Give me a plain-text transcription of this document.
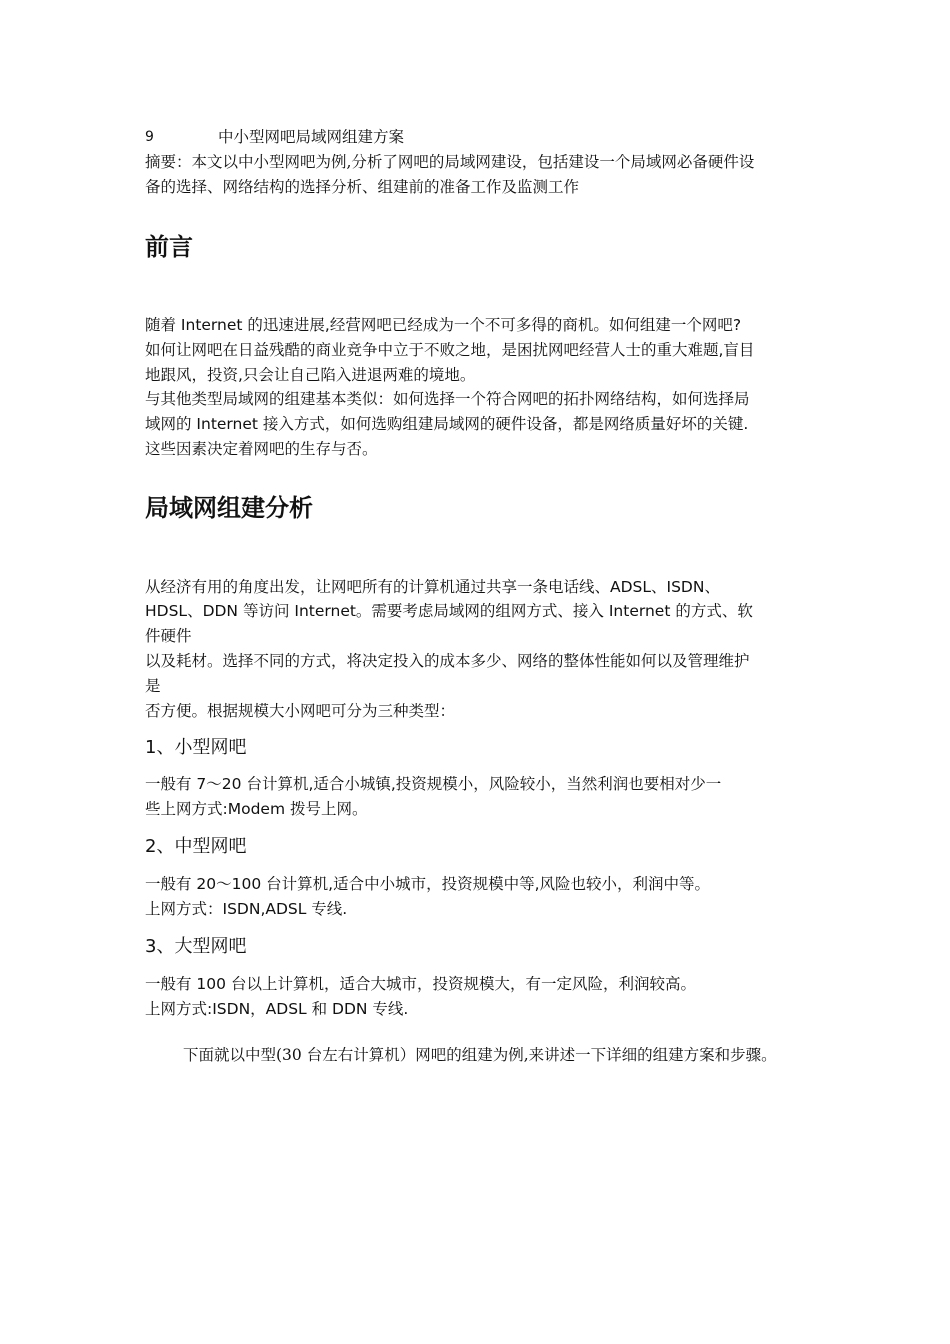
9	中小型网吧局域网组建方案
摘要：本文以中小型网吧为例,分析了网吧的局域网建设，包括建设一个局域网必备硬件设
备的选择、网络结构的选择分析、组建前的准备工作及监测工作
前言
随着 Internet 的迅速进展,经营网吧已经成为一个不可多得的商机。如何组建一个网吧?
如何让网吧在日益残酷的商业竞争中立于不败之地，是困扰网吧经营人士的重大难题,盲目
地跟风，投资,只会让自己陷入进退两难的境地。
与其他类型局域网的组建基本类似：如何选择一个符合网吧的拓扑网络结构，如何选择局
域网的 Internet 接入方式，如何选购组建局域网的硬件设备，都是网络质量好坏的关键.
这些因素决定着网吧的生存与否。
局域网组建分析
从经济有用的角度出发，让网吧所有的计算机通过共享一条电话线、ADSL、ISDN、
HDSL、DDN 等访问 Internet。需要考虑局域网的组网方式、接入 Internet 的方式、软
件硬件
以及耗材。选择不同的方式，将决定投入的成本多少、网络的整体性能如何以及管理维护
是
否方便。根据规模大小网吧可分为三种类型：
1、小型网吧
一般有 7～20 台计算机,适合小城镇,投资规模小，风险较小，当然利润也要相对少一
些上网方式:Modem 拨号上网。
2、中型网吧
一般有 20～100 台计算机,适合中小城市，投资规模中等,风险也较小，利润中等。
上网方式：ISDN,ADSL 专线.
3、大型网吧
一般有 100 台以上计算机，适合大城市，投资规模大，有一定风险，利润较高。
上网方式:ISDN，ADSL 和 DDN 专线.
下面就以中型(30 台左右计算机）网吧的组建为例,来讲述一下详细的组建方案和步骤。
